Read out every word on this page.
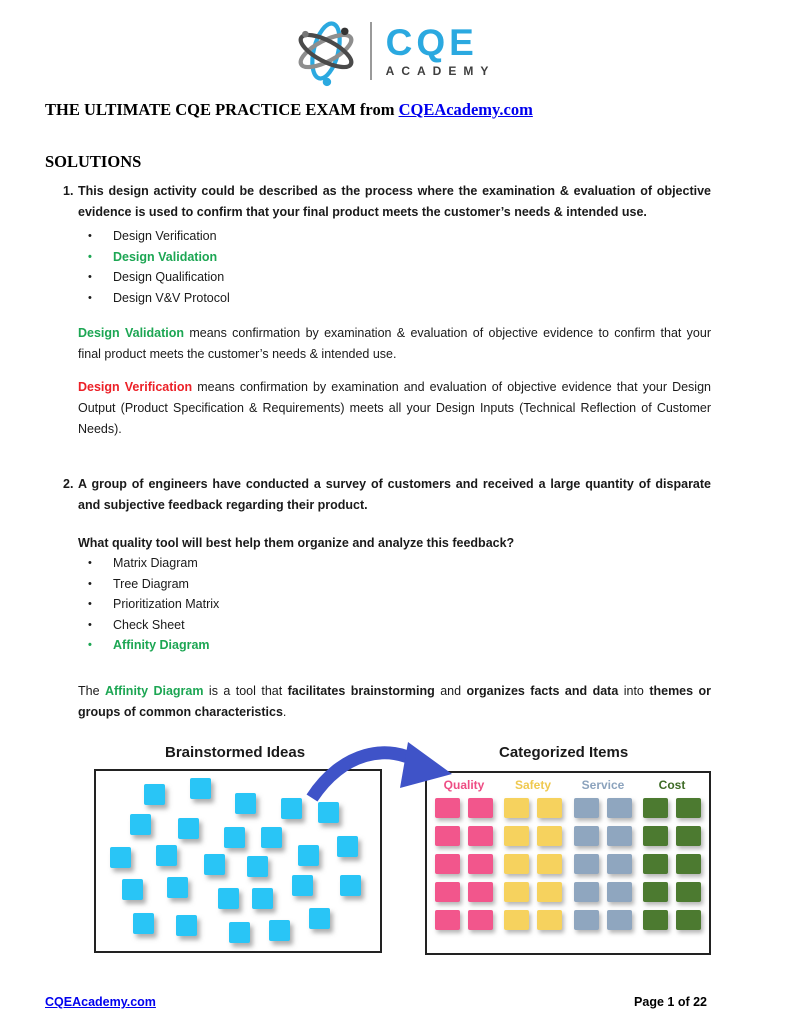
CQE
ACADEMY
THE ULTIMATE CQE PRACTICE EXAM from CQEAcademy.com
SOLUTIONS
1. This design activity could be described as the process where the examination & evaluation of objective evidence is used to confirm that your final product meets the customer’s needs & intended use.

•	Design Verification
•	Design Validation
•	Design Qualification
•	Design V&V Protocol

Design Validation means confirmation by examination & evaluation of objective evidence to confirm that your final product meets the customer’s needs & intended use.

Design Verification means confirmation by examination and evaluation of objective evidence that your Design Output (Product Specification & Requirements) meets all your Design Inputs (Technical Reflection of Customer Needs).

2. A group of engineers have conducted a survey of customers and received a large quantity of disparate and subjective feedback regarding their product.

What quality tool will best help them organize and analyze this feedback?

•	Matrix Diagram
•	Tree Diagram
•	Prioritization Matrix
•	Check Sheet
•	Affinity Diagram

The Affinity Diagram is a tool that facilitates brainstorming and organizes facts and data into themes or groups of common characteristics.

Brainstormed Ideas	Categorized Items
Quality	Safety	Service	Cost
CQEAcademy.com	Page 1 of 22
